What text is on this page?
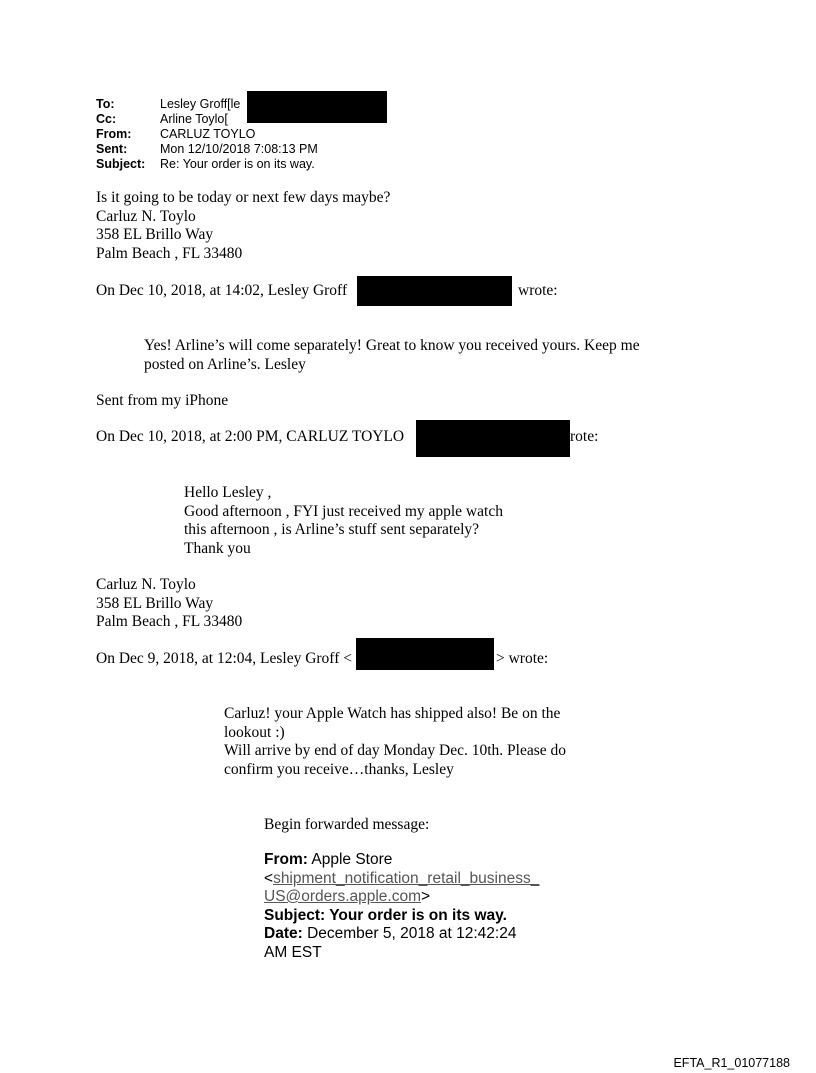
To:	Lesley Groff[le
Cc:	Arline Toylo[
From: CARLUZ TOYLO
Sent:	Mon 12/10/2018 7:08:13 PM
Subject: Re: Your order is on its way.
Is it going to be today or next few days maybe?
Carluz N. Toylo
358 EL Brillo Way
Palm Beach , FL 33480
On Dec 10, 2018, at 14:02, Lesley Groff	wrote:
Yes! Arline’s will come separately! Great to know you received yours. Keep me
posted on Arline’s. Lesley
Sent from my iPhone
On Dec 10, 2018, at 2:00 PM, CARLUZ TOYLO	rote:
Hello Lesley ,
Good afternoon , FYI just received my apple watch
this afternoon , is Arline’s stuff sent separately?
Thank you
Carluz N. Toylo
358 EL Brillo Way
Palm Beach , FL 33480
On Dec 9, 2018, at 12:04, Lesley Groff <	> wrote:
Carluz! your Apple Watch has shipped also! Be on the
lookout :)
Will arrive by end of day Monday Dec. 10th. Please do
confirm you receive…thanks, Lesley
Begin forwarded message:
From: Apple Store
<shipment_notification_retail_business_
US@orders.apple.com>
Subject: Your order is on its way.
Date: December 5, 2018 at 12:42:24
AM EST
EFTA_R1_01077188
